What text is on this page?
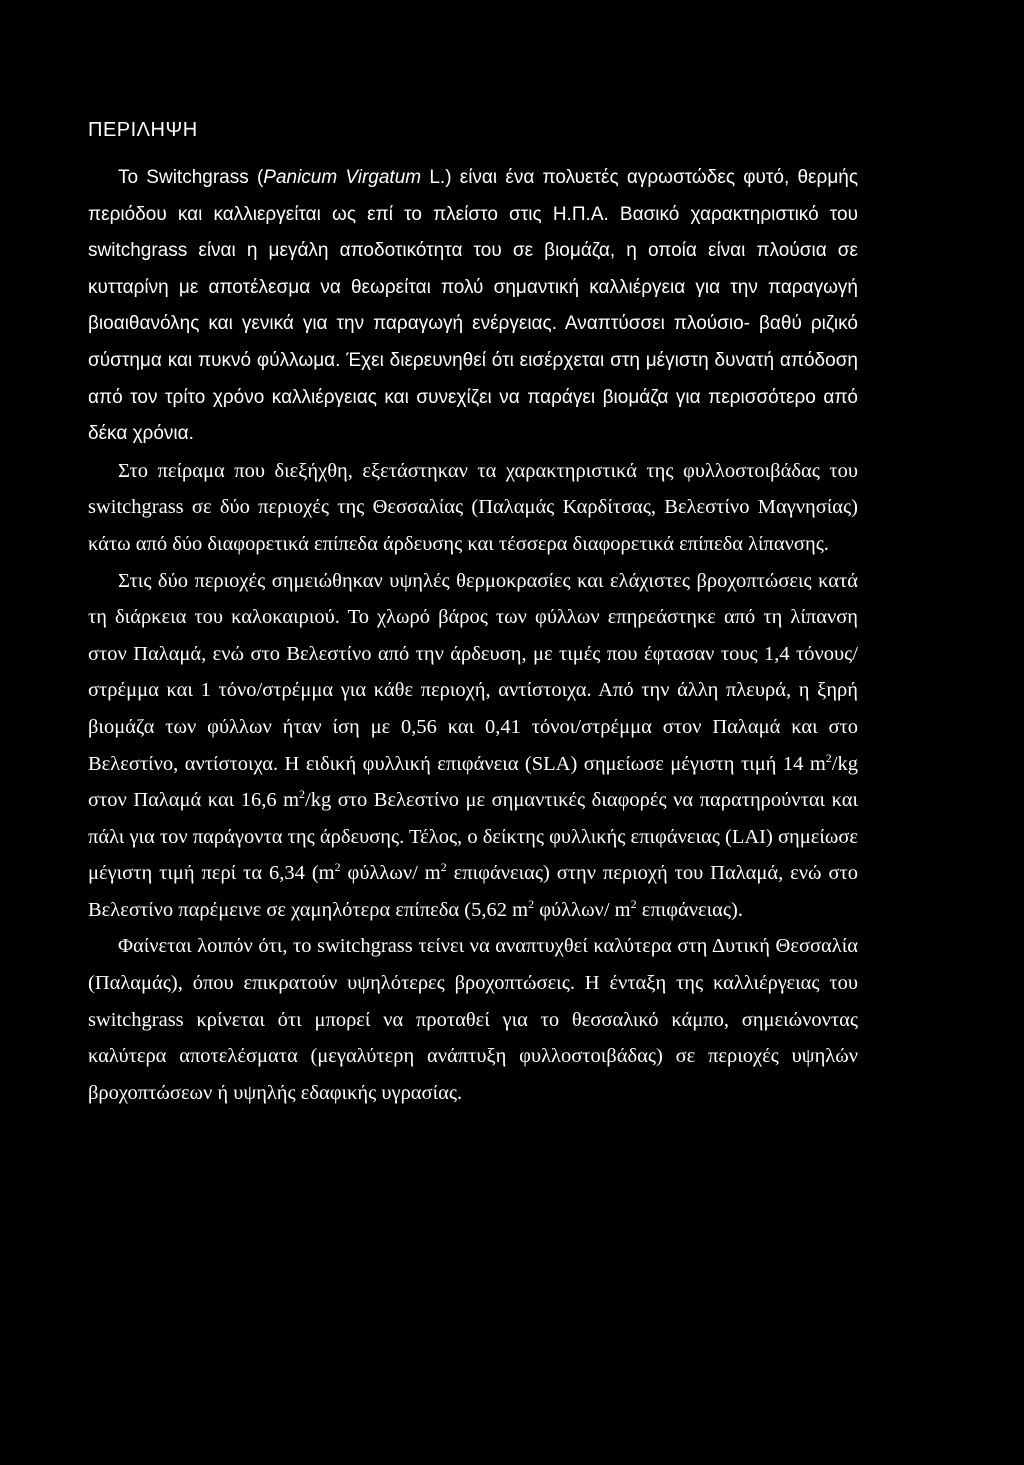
ΠΕΡΙΛΗΨΗ

Το Switchgrass (Panicum Virgatum L.) είναι ένα πολυετές αγρωστώδες φυτό, θερμής περιόδου και καλλιεργείται ως επί το πλείστο στις Η.Π.Α. Βασικό χαρακτηριστικό του switchgrass είναι η μεγάλη αποδοτικότητα του σε βιομάζα, η οποία είναι πλούσια σε κυτταρίνη με αποτέλεσμα να θεωρείται πολύ σημαντική καλλιέργεια για την παραγωγή βιοαιθανόλης και γενικά για την παραγωγή ενέργειας. Αναπτύσσει πλούσιο- βαθύ ριζικό σύστημα και πυκνό φύλλωμα. Έχει διερευνηθεί ότι εισέρχεται στη μέγιστη δυνατή απόδοση από τον τρίτο χρόνο καλλιέργειας και συνεχίζει να παράγει βιομάζα για περισσότερο από δέκα χρόνια.

Στο πείραμα που διεξήχθη, εξετάστηκαν τα χαρακτηριστικά της φυλλοστοιβάδας του switchgrass σε δύο περιοχές της Θεσσαλίας (Παλαμάς Καρδίτσας, Βελεστίνο Μαγνησίας) κάτω από δύο διαφορετικά επίπεδα άρδευσης και τέσσερα διαφορετικά επίπεδα λίπανσης.

Στις δύο περιοχές σημειώθηκαν υψηλές θερμοκρασίες και ελάχιστες βροχοπτώσεις κατά τη διάρκεια του καλοκαιριού. Το χλωρό βάρος των φύλλων επηρεάστηκε από τη λίπανση στον Παλαμά, ενώ στο Βελεστίνο από την άρδευση, με τιμές που έφτασαν τους 1,4 τόνους/στρέμμα και 1 τόνο/στρέμμα για κάθε περιοχή, αντίστοιχα. Από την άλλη πλευρά, η ξηρή βιομάζα των φύλλων ήταν ίση με 0,56 και 0,41 τόνοι/στρέμμα στον Παλαμά και στο Βελεστίνο, αντίστοιχα. Η ειδική φυλλική επιφάνεια (SLA) σημείωσε μέγιστη τιμή 14 $m^2/kg$ στον Παλαμά και 16,6 $m^2/kg$ στο Βελεστίνο με σημαντικές διαφορές να παρατηρούνται και πάλι για τον παράγοντα της άρδευσης. Τέλος, ο δείκτης φυλλικής επιφάνειας (LAI) σημείωσε μέγιστη τιμή περί τα 6,34 ($m^2$ φύλλων/ $m^2$ επιφάνειας) στην περιοχή του Παλαμά, ενώ στο Βελεστίνο παρέμεινε σε χαμηλότερα επίπεδα (5,62 $m^2$ φύλλων/ $m^2$ επιφάνειας).

Φαίνεται λοιπόν ότι, το switchgrass τείνει να αναπτυχθεί καλύτερα στη Δυτική Θεσσαλία (Παλαμάς), όπου επικρατούν υψηλότερες βροχοπτώσεις. Η ένταξη της καλλιέργειας του switchgrass κρίνεται ότι μπορεί να προταθεί για το θεσσαλικό κάμπο, σημειώνοντας καλύτερα αποτελέσματα (μεγαλύτερη ανάπτυξη φυλλοστοιβάδας) σε περιοχές υψηλών βροχοπτώσεων ή υψηλής εδαφικής υγρασίας.
